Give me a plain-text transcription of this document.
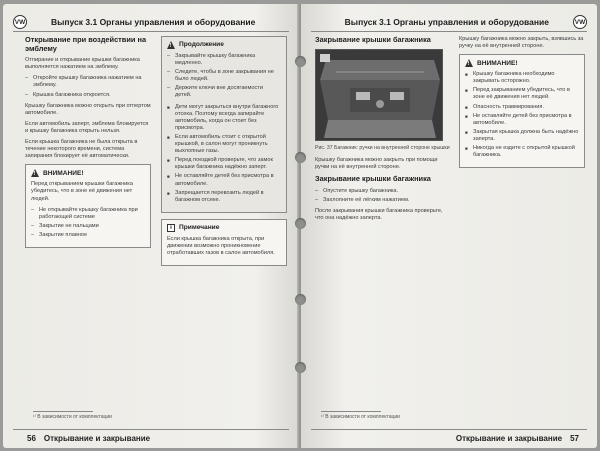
VW	Выпуск 3.1 Органы управления и оборудование
Открывание при воздействии на эмблему

Отпирание и открывание крышки багажника выполняется нажатием на эмблему.

– Откройте крышку багажника нажатием на эмблему.
– Крышка багажника откроется.

Крышку багажника можно открыть при отпертом автомобиле.

Если автомобиль заперт, эмблема блокируется и крышку багажника открыть нельзя.

Если крышка багажника не была открыта в течение некоторого времени, система запирания блокирует её автоматически.

!
ВНИМАНИЕ!

Перед открыванием крышки багажника убедитесь, что в зоне её движения нет людей.

– Не открывайте крышку багажника при работающей системе
– Закрытие не пальцами
– Закрытие плавное
!
Продолжение
– Закрывайте крышку багажника медленно.
– Следите, чтобы в зоне закрывания не было людей.
– Держите ключи вне досягаемости детей.
■ Дети могут закрыться внутри багажного отсека. Поэтому всегда запирайте автомобиль, когда он стоит без присмотра.
■ Если автомобиль стоит с открытой крышкой, в салон могут проникнуть выхлопные газы.
■ Перед поездкой проверьте, что замок крышки багажника надёжно заперт.
■ Не оставляйте детей без присмотра в автомобиле.
■ Запрещается перевозить людей в багажном отсеке.
i	Примечание

Если крышка багажника открыта, при движении возможно проникновение отработавших газов в салон автомобиля.

¹⁾ В зависимости от комплектации
56 Открывание и закрывание
Выпуск 3.1 Органы управления и оборудование	VW
Закрывание крышки багажника
Рис. 37 Багажник: ручки на внутренней стороне крышки

Крышку багажника можно закрыть при помощи ручки на её внутренней стороне.

Закрывание крышки багажника
– Опустите крышку багажника.
– Захлопните её лёгким нажатием.

После закрывания крышки багажника проверьте, что она надёжно заперта.

Крышку багажника можно закрыть, взявшись за ручку на её внутренней стороне.

!
ВНИМАНИЕ!
■ Крышку багажника необходимо закрывать осторожно.
■ Перед закрыванием убедитесь, что в зоне её движения нет людей.
■ Опасность травмирования.
■ Не оставляйте детей без присмотра в автомобиле.
■ Закрытая крышка должна быть надёжно заперта.
■ Никогда не ездите с открытой крышкой багажника.
¹⁾ В зависимости от комплектации
Открывание и закрывание 57
